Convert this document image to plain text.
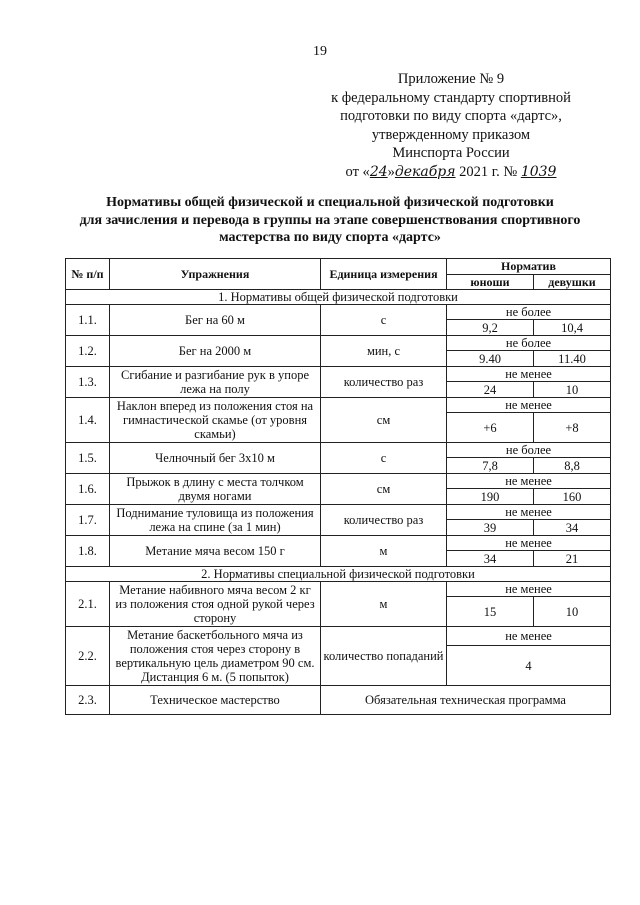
19
Приложение № 9
к федеральному стандарту спортивной
подготовки по виду спорта «дартс»,
утвержденному приказом
Минспорта России
от «24»декабря 2021 г. № 1039
Нормативы общей физической и специальной физической подготовки
для зачисления и перевода в группы на этапе совершенствования спортивного
мастерства по виду спорта «дартс»
№ п/п	Упражнения	Единица измерения	Норматив	
			юноши	девушки
1. Нормативы общей физической подготовки				
1.1.	Бег на 60 м	с	не более	
			9,2	10,4
1.2.	Бег на 2000 м	мин, с	не более	
			9.40	11.40
1.3.	Сгибание и разгибание рук в упоре лежа на полу	количество раз	не менее	
			24	10
1.4.	Наклон вперед из положения стоя на гимнастической скамье (от уровня скамьи)	см	не менее	
			+6	+8
1.5.	Челночный бег 3x10 м	с	не более	
			7,8	8,8
1.6.	Прыжок в длину с места толчком двумя ногами	см	не менее	
			190	160
1.7.	Поднимание туловища из положения лежа на спине (за 1 мин)	количество раз	не менее	
			39	34
1.8.	Метание мяча весом 150 г	м	не менее	
			34	21
2. Нормативы специальной физической подготовки				
2.1.	Метание набивного мяча весом 2 кг из положения стоя одной рукой через сторону	м	не менее	
			15	10
2.2.	Метание баскетбольного мяча из положения стоя через сторону в вертикальную цель диаметром 90 см. Дистанция 6 м. (5 попыток)	количество попаданий	не менее	
			4	
2.3.	Техническое мастерство	Обязательная техническая программа		
